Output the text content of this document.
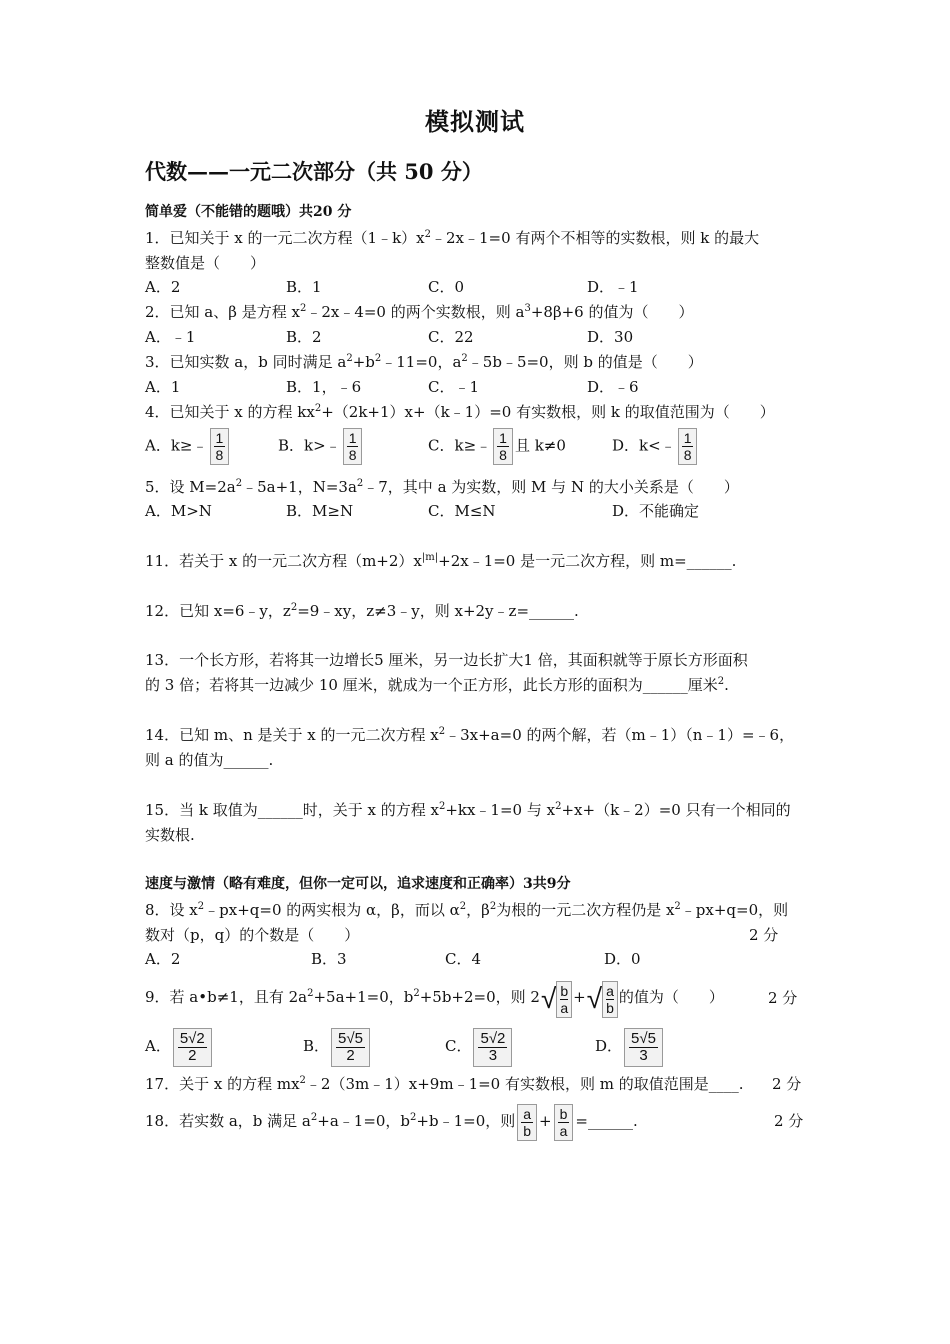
模拟测试
代数——一元二次部分（共 50 分）
简单爱（不能错的题哦）共20 分
1．已知关于 x 的一元二次方程$(1﹣k)x^2﹣2x﹣1=0$ 有两个不相等的实数根，则 k 的最大
整数值是（　　）
A．2	B．1	C．0	D．﹣1
2．已知 a、β 是方程 $x^2﹣2x﹣4=0$ 的两个实数根，则 $a^3+8\beta+6$ 的值为（　　）
A．﹣1	B．2	C．22	D．30
3．已知实数 a，b 同时满足 $a^2+b^2﹣11=0$，$a^2﹣5b﹣5=0$，则 b 的值是（　　）
A．1	B．1，﹣6	C．﹣1	D．﹣6
4．已知关于 x 的方程 $kx^2+(2k+1)x+(k﹣1)=0$ 有实数根，则 k 的取值范围为（　　）
A．k≥﹣ $\frac{1}{8}$	B．k>﹣ $\frac{1}{8}$	C．k≥﹣ $\frac{1}{8}$ 且 k≠0	D．k<﹣ $\frac{1}{8}$
5．设 $M=2a^2﹣5a+1$，$N=3a^2﹣7$，其中 a 为实数，则 M 与 N 的大小关系是（　　）
A．M>N	B．M≥N	C．M≤N	D．不能确定
11．若关于 x 的一元二次方程$(m+2)x^{|m|}+2x﹣1=0$ 是一元二次方程，则 m=______.
12．已知 x=6﹣y，$z^2=9﹣xy$，z≠3﹣y，则 x+2y﹣z=______.
13．一个长方形，若将其一边增长5 厘米，另一边长扩大1 倍，其面积就等于原长方形面积
的 3 倍；若将其一边减少 10 厘米，就成为一个正方形，此长方形的面积为______厘米$^2$.
14．已知 m、n 是关于 x 的一元二次方程 $x^2﹣3x+a=0$ 的两个解，若（m﹣1）（n﹣1）=﹣6，
则 a 的值为______.
15．当 k 取值为______时，关于 x 的方程 $x^2+kx﹣1=0$ 与 $x^2+x+(k﹣2)=0$ 只有一个相同的
实数根.
速度与激情（略有难度，但你一定可以，追求速度和正确率）3共9分
8．设 $x^2﹣px+q=0$ 的两实根为 α，β，而以 $\alpha^2$，$\beta^2$为根的一元二次方程仍是 $x^2﹣px+q=0$，则
数对（p，q）的个数是（　　）	2 分
A．2	B．3	C．4	D．0
9．若 a•b≠1，且有 $2a^2+5a+1=0$，$b^2+5b+2=0$，则 $2√ \frac{b}{a}+√ \frac{a}{b}$的值为（　　）	2 分
A． $\frac{5√2}{2}$	B． $\frac{5√5}{2}$	C． $\frac{5√2}{3}$	D． $\frac{5√5}{3}$
17．关于 x 的方程 $mx^2﹣2(3m﹣1)x+9m﹣1=0$ 有实数根，则 m 的取值范围是____.	2 分
18．若实数 a，b 满足 $a^2+a﹣1=0$，$b^2+b﹣1=0$，则 $\frac{a}{b} + \frac{b}{a}$ =______.	2 分
